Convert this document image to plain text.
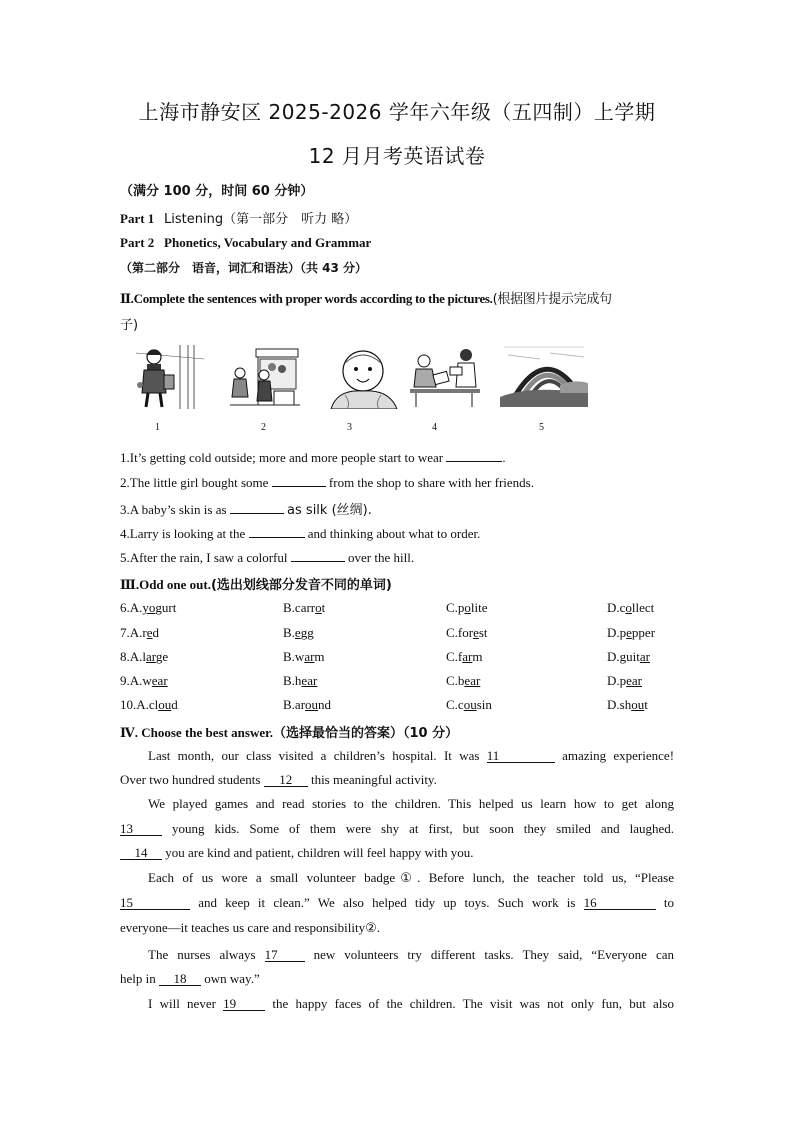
上海市静安区 2025-2026 学年六年级（五四制）上学期
12 月月考英语试卷
（满分 100 分，时间 60 分钟）
Part 1 Listening（第一部分　听力 略）
Part 2 Phonetics, Vocabulary and Grammar
（第二部分　语音，词汇和语法）（共 43 分）
Ⅱ.Complete the sentences with proper words according to the pictures.(根据图片提示完成句
子)
1	2	3	4	5
1.It’s getting cold outside; more and more people start to wear	.
2.The little girl bought some	from the shop to share with her friends.
3.A baby’s skin is as	as silk (丝绸).
4.Larry is looking at the	and thinking about what to order.
5.After the rain, I saw a colorful	over the hill.
Ⅲ.Odd one out.(选出划线部分发音不同的单词)
6.A.yogurt	B.carrot	C.polite	D.collect
7.A.red	B.egg	C.forest	D.pepper
8.A.large	B.warm	C.farm	D.guitar
9.A.wear	B.hear	C.bear	D.pear
10.A.cloud	B.around	C.cousin	D.shout
Ⅳ. Choose the best answer.（选择最恰当的答案）（10 分）
Last month, our class visited a children’s hospital. It was 11	amazing experience!
Over two hundred students 12 this meaningful activity.
We played games and read stories to the children. This helped us learn how to get along
13	young kids. Some of them were shy at first, but soon they smiled and laughed.
14 you are kind and patient, children will feel happy with you.
Each of us wore a small volunteer badge①. Before lunch, the teacher told us, “Please
15	and keep it clean.” We also helped tidy up toys. Such work is 16	to
everyone—it teaches us care and responsibility②.
The nurses always 17	new volunteers try different tasks. They said, “Everyone can
help in 18 own way.”
I will never 19	the happy faces of the children. The visit was not only fun, but also
